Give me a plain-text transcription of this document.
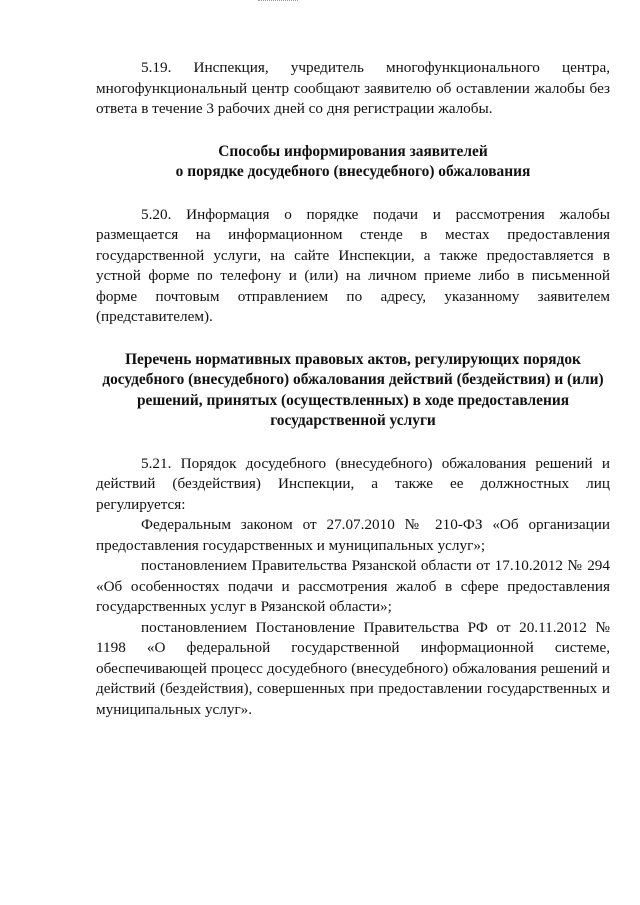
5.19. Инспекция, учредитель многофункционального центра, многофункциональный центр сообщают заявителю об оставлении жалобы без ответа в течение 3 рабочих дней со дня регистрации жалобы.

Способы информирования заявителей

о порядке досудебного (внесудебного) обжалования

5.20. Информация о порядке подачи и рассмотрения жалобы размещается на информационном стенде в местах предоставления государственной услуги, на сайте Инспекции, а также предоставляется в устной форме по телефону и (или) на личном приеме либо в письменной форме почтовым отправлением по адресу, указанному заявителем (представителем).

Перечень нормативных правовых актов, регулирующих порядок

досудебного (внесудебного) обжалования действий (бездействия) и (или)

решений, принятых (осуществленных) в ходе предоставления

государственной услуги

5.21. Порядок досудебного (внесудебного) обжалования решений и действий (бездействия) Инспекции, а также ее должностных лиц регулируется:

Федеральным законом от 27.07.2010 № 210-ФЗ «Об организации предоставления государственных и муниципальных услуг»;

постановлением Правительства Рязанской области от 17.10.2012 № 294 «Об особенностях подачи и рассмотрения жалоб в сфере предоставления государственных услуг в Рязанской области»;

постановлением Постановление Правительства РФ от 20.11.2012 № 1198 «О федеральной государственной информационной системе, обеспечивающей процесс досудебного (внесудебного) обжалования решений и действий (бездействия), совершенных при предоставлении государственных и муниципальных услуг».
